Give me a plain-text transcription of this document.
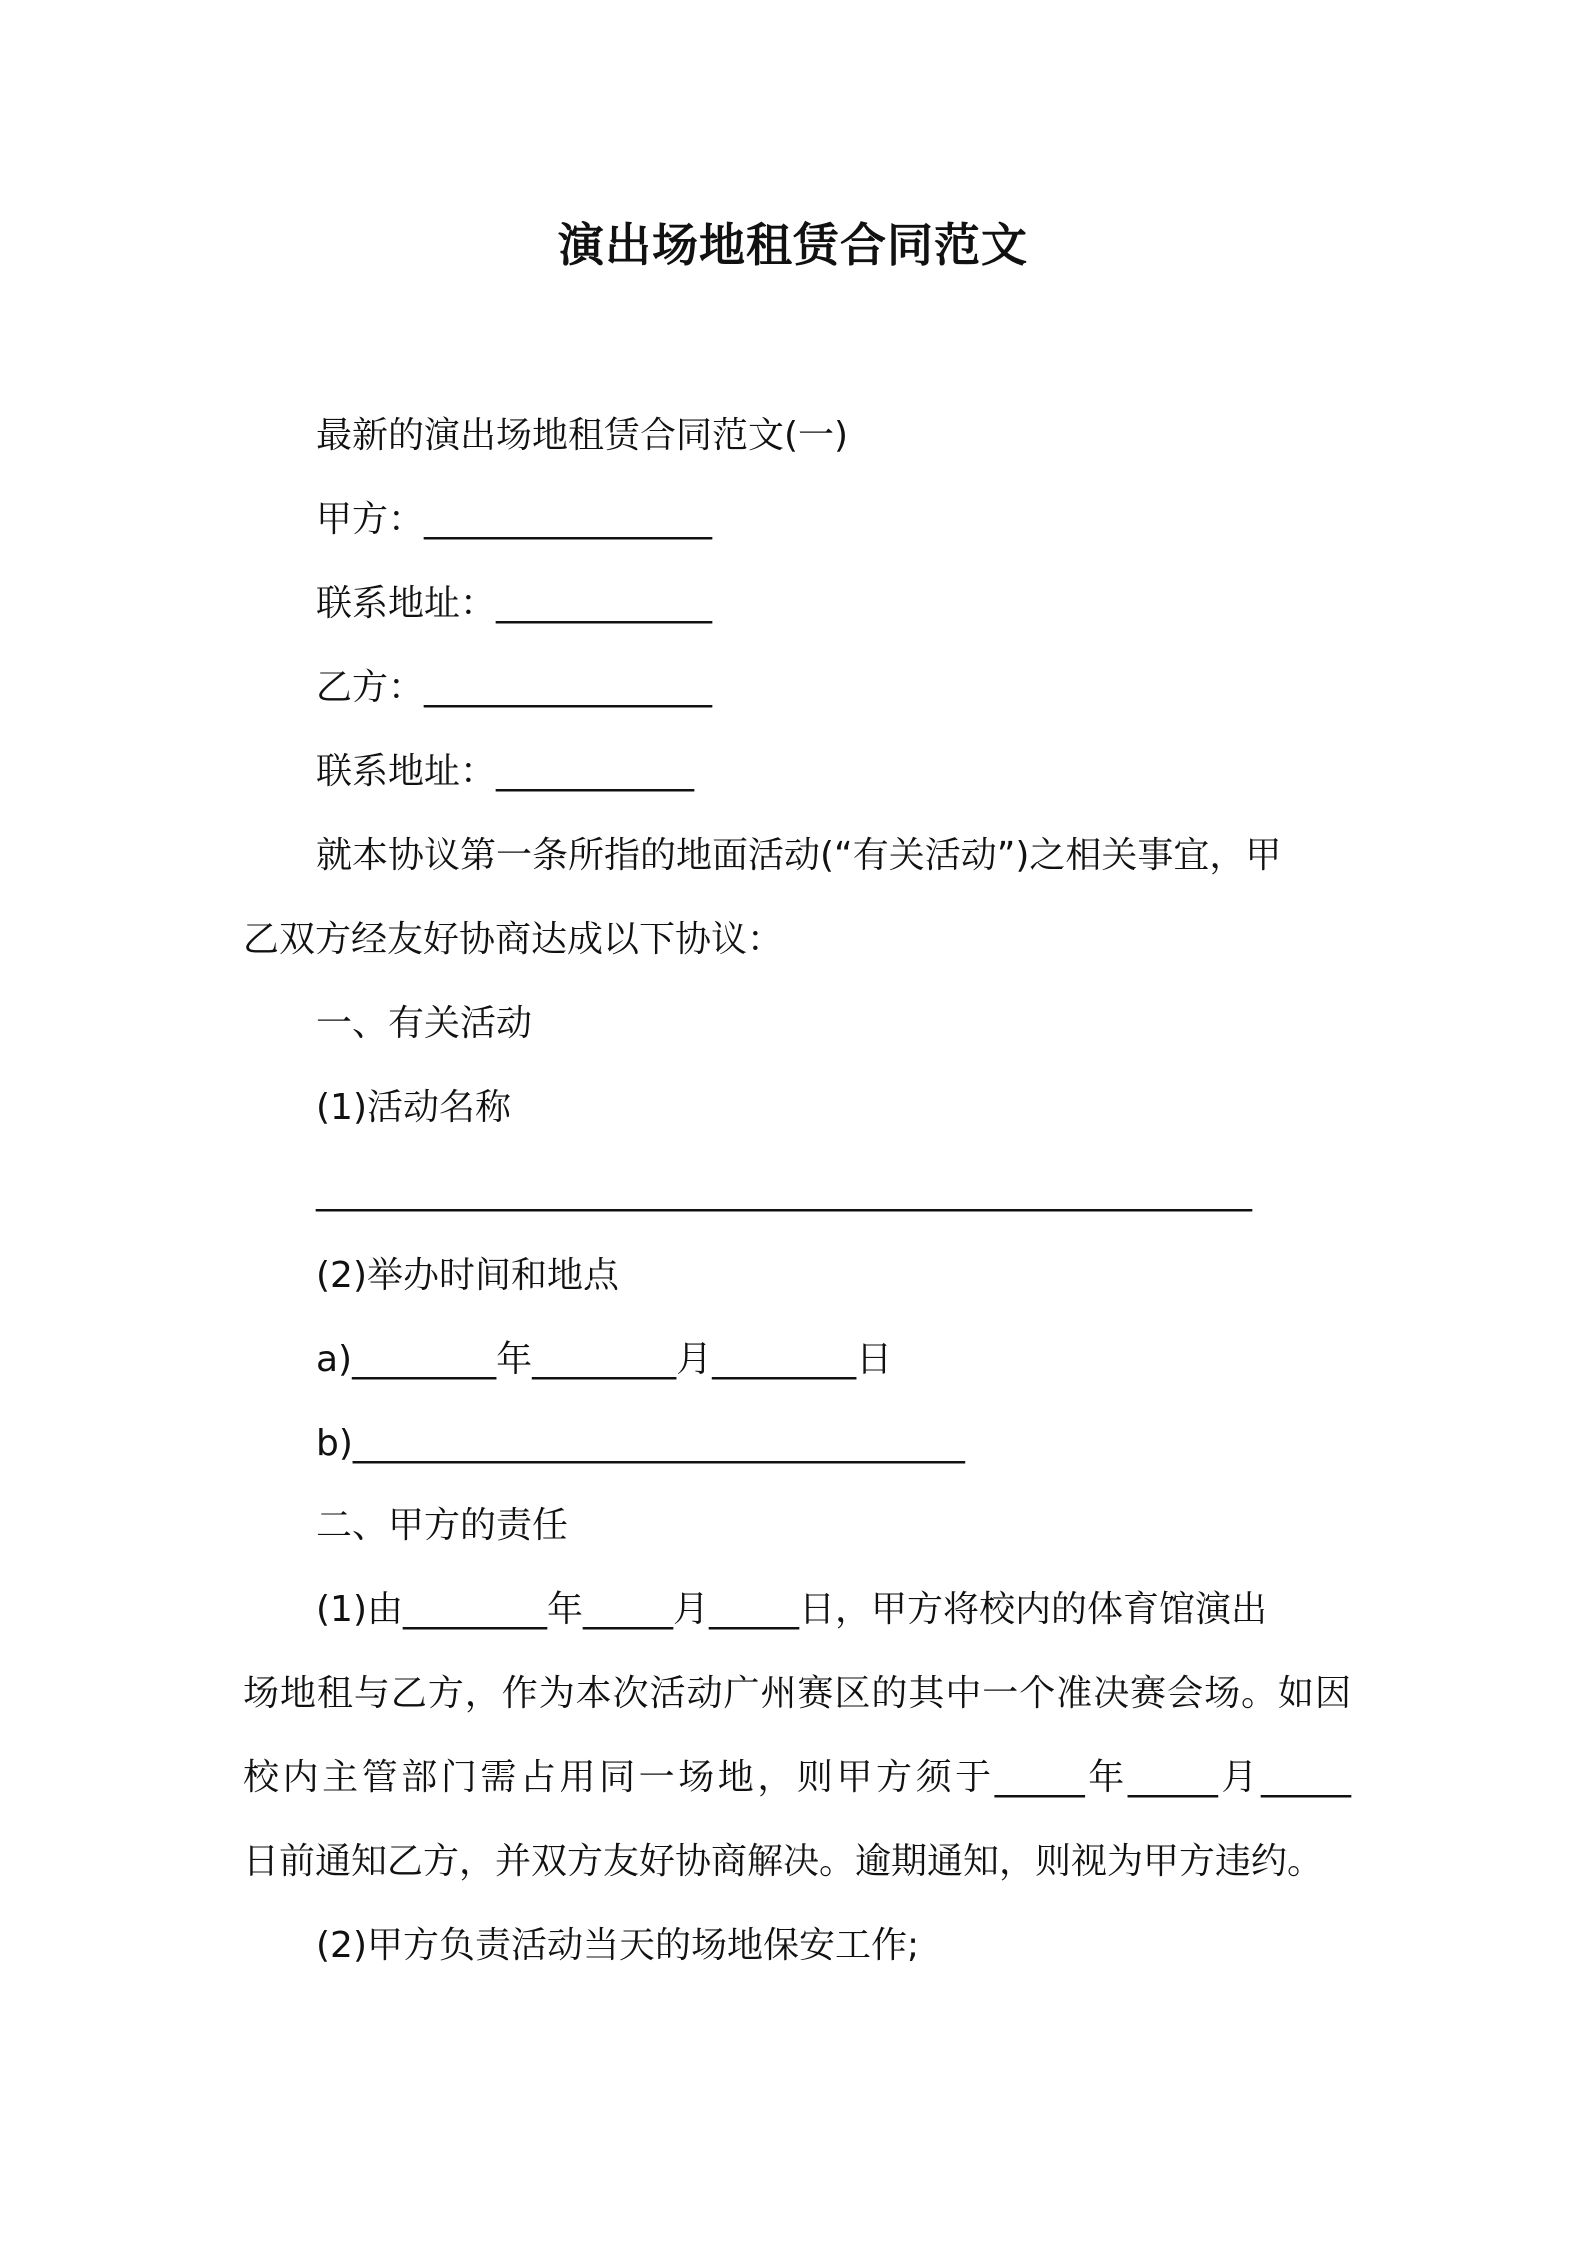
演出场地租赁合同范文
最新的演出场地租赁合同范文(一)
甲方：________________
联系地址：____________
乙方：________________
联系地址：___________
就本协议第一条所指的地面活动(“有关活动”)之相关事宜，甲
乙双方经友好协商达成以下协议：
一、有关活动
(1)活动名称
____________________________________________________
(2)举办时间和地点
a)________年________月________日
b)__________________________________
二、甲方的责任
(1)由________年_____月_____日，甲方将校内的体育馆演出
场地租与乙方，作为本次活动广州赛区的其中一个准决赛会场。如因
校内主管部门需占用同一场地，则甲方须于_____年_____月_____
日前通知乙方，并双方友好协商解决。逾期通知，则视为甲方违约。
(2)甲方负责活动当天的场地保安工作;
